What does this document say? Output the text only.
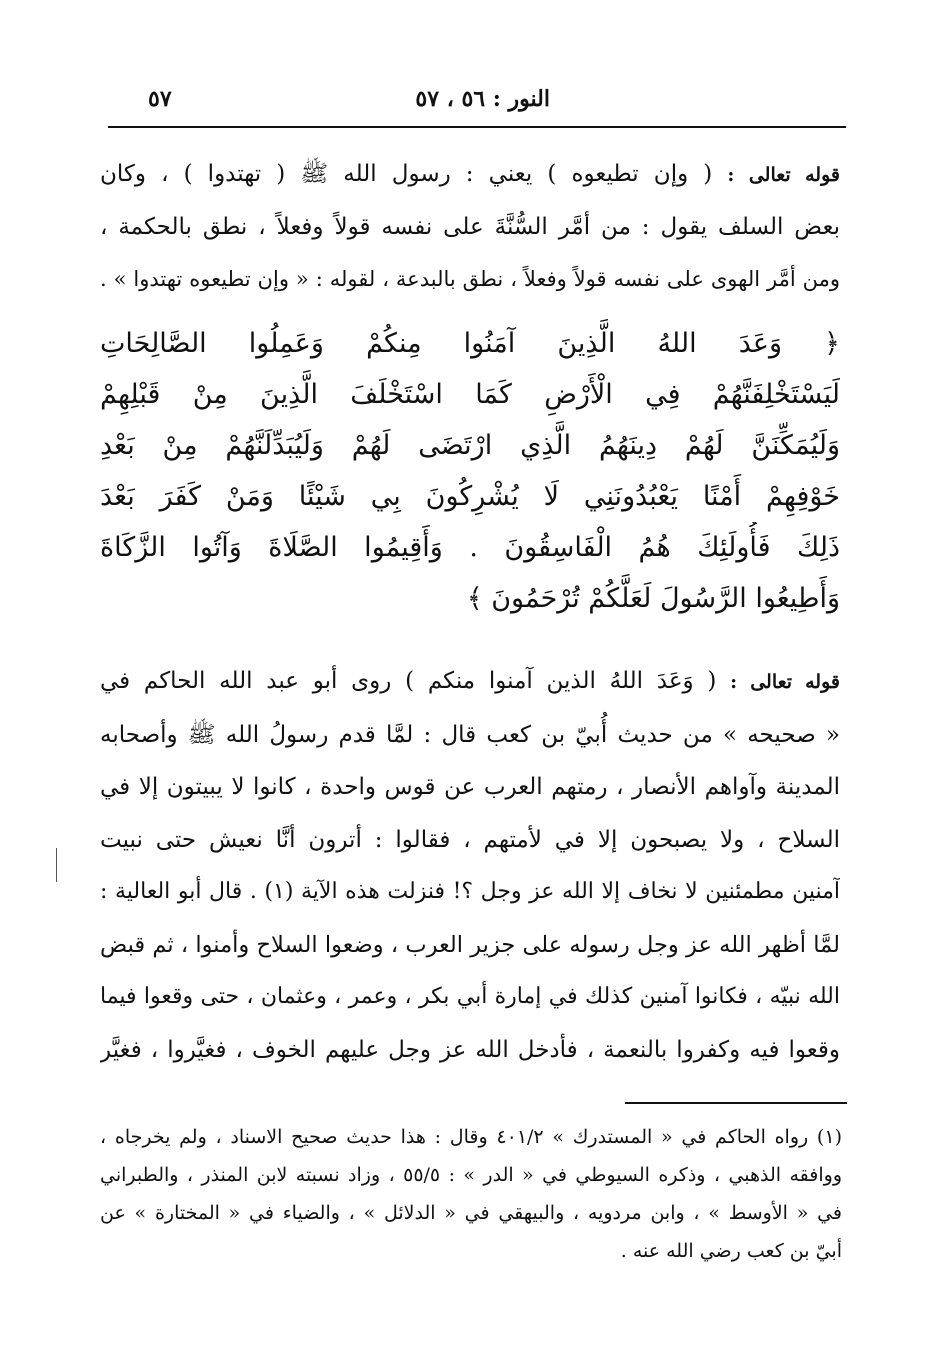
٥٧	النور : ٥٦ ، ٥٧
قوله تعالى : ( وإن تطيعوه ) يعني : رسول الله ﷺ ( تهتدوا ) ، وكان
بعض السلف يقول : من أمَّر السُّنَّةَ على نفسه قولاً وفعلاً ، نطق بالحكمة ،
ومن أمَّر الهوى على نفسه قولاً وفعلاً ، نطق بالبدعة ، لقوله : « وإن تطيعوه تهتدوا » .
﴿ وَعَدَ اللهُ الَّذِينَ آمَنُوا مِنكُمْ وَعَمِلُوا الصَّالِحَاتِ
لَيَسْتَخْلِفَنَّهُمْ فِي الْأَرْضِ كَمَا اسْتَخْلَفَ الَّذِينَ مِنْ قَبْلِهِمْ
وَلَيُمَكِّنَنَّ لَهُمْ دِينَهُمُ الَّذِي ارْتَضَى لَهُمْ وَلَيُبَدِّلَنَّهُمْ مِنْ بَعْدِ
خَوْفِهِمْ أَمْنًا يَعْبُدُونَنِي لَا يُشْرِكُونَ بِي شَيْئًا وَمَنْ كَفَرَ بَعْدَ
ذَلِكَ فَأُولَئِكَ هُمُ الْفَاسِقُونَ . وَأَقِيمُوا الصَّلَاةَ وَآتُوا الزَّكَاةَ
وَأَطِيعُوا الرَّسُولَ لَعَلَّكُمْ تُرْحَمُونَ ﴾
قوله تعالى : ( وَعَدَ اللهُ الذين آمنوا منكم ) روى أبو عبد الله الحاكم في
« صحيحه » من حديث أُبيّ بن كعب قال : لمَّا قدم رسولُ الله ﷺ وأصحابه
المدينة وآواهم الأنصار ، رمتهم العرب عن قوس واحدة ، كانوا لا يبيتون إلا في
السلاح ، ولا يصبحون إلا في لأمتهم ، فقالوا : أترون أنَّا نعيش حتى نبيت
آمنين مطمئنين لا نخاف إلا الله عز وجل ؟! فنزلت هذه الآية (١) . قال أبو العالية :
لمَّا أظهر الله عز وجل رسوله على جزير العرب ، وضعوا السلاح وأمنوا ، ثم قبض
الله نبيّه ، فكانوا آمنين كذلك في إمارة أبي بكر ، وعمر ، وعثمان ، حتى وقعوا فيما
وقعوا فيه وكفروا بالنعمة ، فأدخل الله عز وجل عليهم الخوف ، فغيَّروا ، فغيَّر
(١) رواه الحاكم في « المستدرك » ٤٠١/٢ وقال : هذا حديث صحيح الاسناد ، ولم يخرجاه ،
ووافقه الذهبي ، وذكره السيوطي في « الدر » : ٥٥/٥ ، وزاد نسبته لابن المنذر ، والطبراني
في « الأوسط » ، وابن مردويه ، والبيهقي في « الدلائل » ، والضياء في « المختارة » عن
أبيّ بن كعب رضي الله عنه .
